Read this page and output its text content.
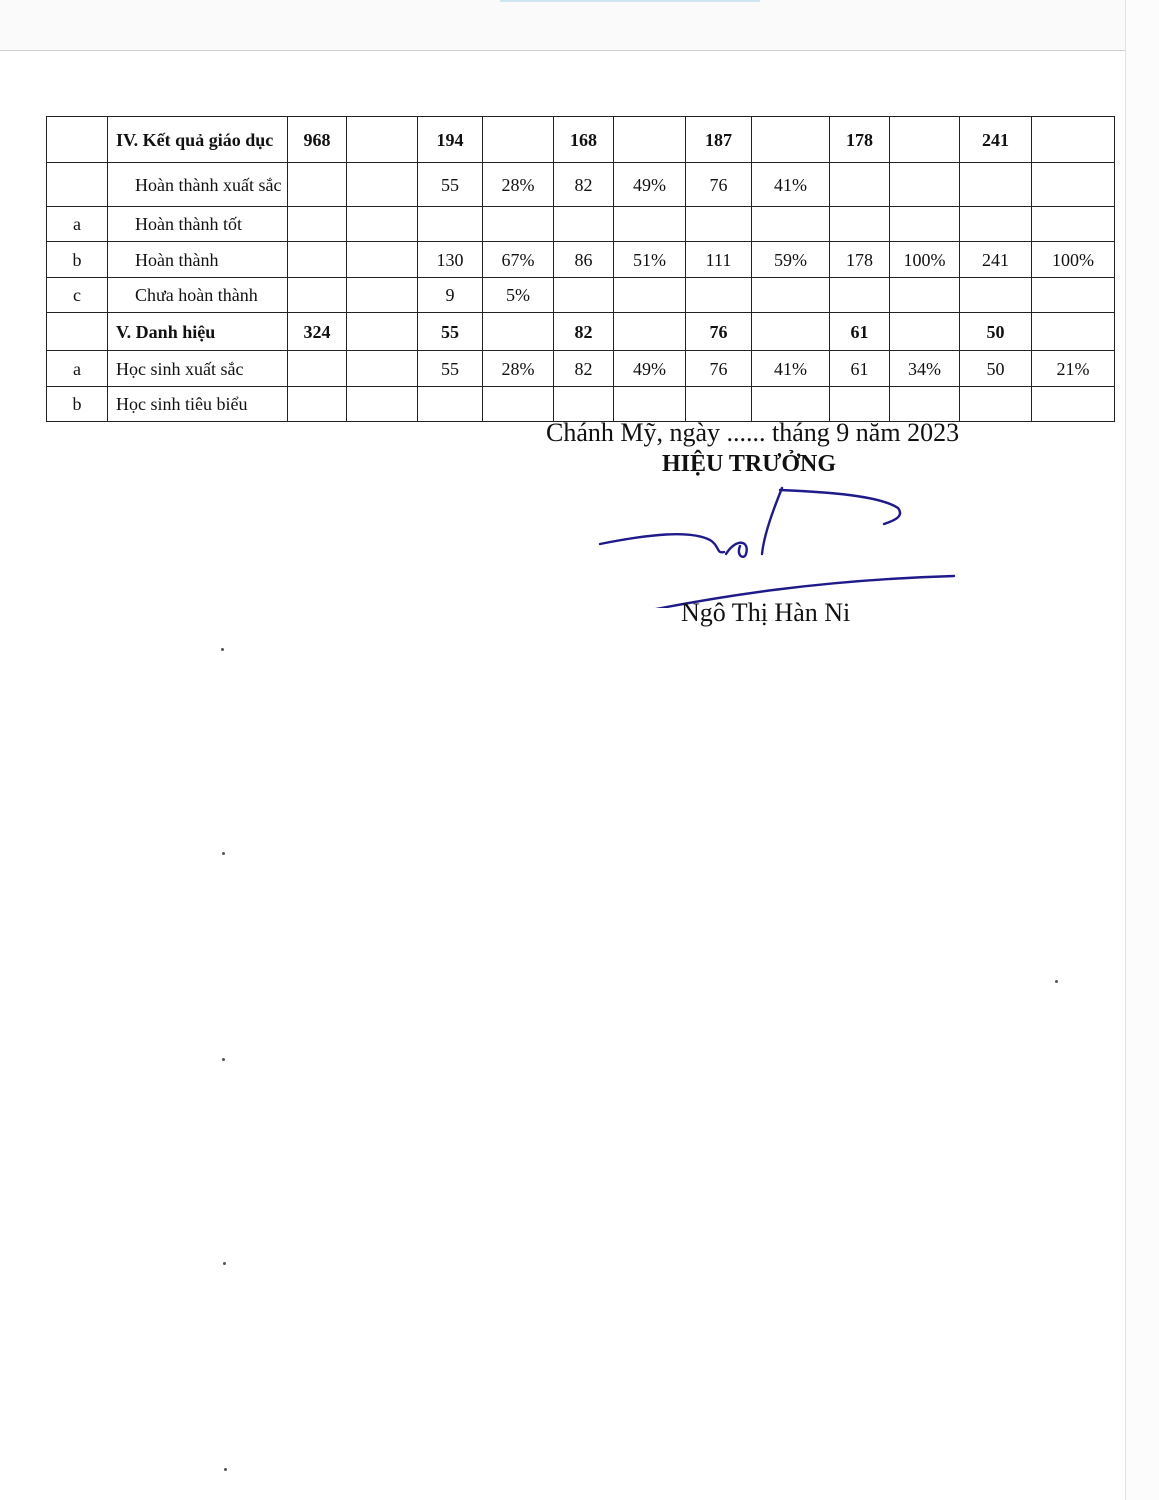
	IV. Kết quả giáo dục	968		194		168		187		178		241	
	Hoàn thành xuất sắc			55	28%	82	49%	76	41%				
a	Hoàn thành tốt												
b	Hoàn thành			130	67%	86	51%	111	59%	178	100%	241	100%
c	Chưa hoàn thành			9	5%								
	V. Danh hiệu	324		55		82		76		61		50	
a	Học sinh xuất sắc			55	28%	82	49%	76	41%	61	34%	50	21%
b	Học sinh tiêu biểu												
Chánh Mỹ, ngày ...... tháng 9 năm 2023
HIỆU TRƯỞNG
Ngô Thị Hàn Ni
